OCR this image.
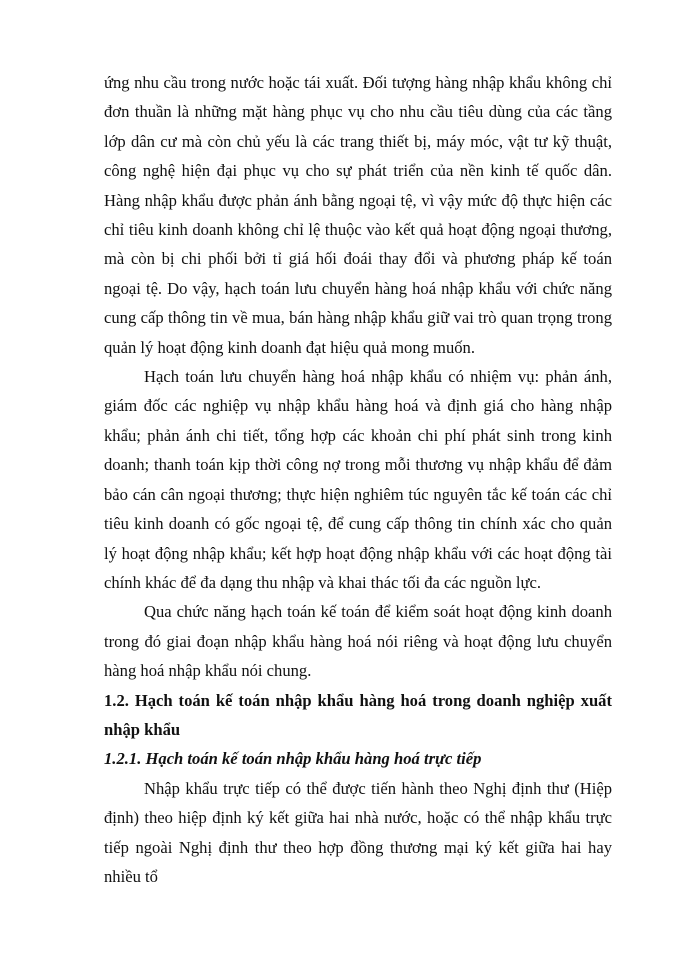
ứng nhu cầu trong nước hoặc tái xuất. Đối tượng hàng nhập khẩu không chỉ đơn thuần là những mặt hàng phục vụ cho nhu cầu tiêu dùng của các tầng lớp dân cư mà còn chủ yếu là các trang thiết bị, máy móc, vật tư kỹ thuật, công nghệ hiện đại phục vụ cho sự phát triển của nền kinh tế quốc dân. Hàng nhập khẩu được phản ánh bằng ngoại tệ, vì vậy mức độ thực hiện các chỉ tiêu kinh doanh không chỉ lệ thuộc vào kết quả hoạt động ngoại thương, mà còn bị chi phối bởi tỉ giá hối đoái thay đổi và phương pháp kế toán ngoại tệ. Do vậy, hạch toán lưu chuyển hàng hoá nhập khẩu với chức năng cung cấp thông tin về mua, bán hàng nhập khẩu giữ vai trò quan trọng trong quản lý hoạt động kinh doanh đạt hiệu quả mong muốn.

Hạch toán lưu chuyển hàng hoá nhập khẩu có nhiệm vụ: phản ánh, giám đốc các nghiệp vụ nhập khẩu hàng hoá và định giá cho hàng nhập khẩu; phản ánh chi tiết, tổng hợp các khoản chi phí phát sinh trong kinh doanh; thanh toán kịp thời công nợ trong mỗi thương vụ nhập khẩu để đảm bảo cán cân ngoại thương; thực hiện nghiêm túc nguyên tắc kế toán các chỉ tiêu kinh doanh có gốc ngoại tệ, để cung cấp thông tin chính xác cho quản lý hoạt động nhập khẩu; kết hợp hoạt động nhập khẩu với các hoạt động tài chính khác để đa dạng thu nhập và khai thác tối đa các nguồn lực.

Qua chức năng hạch toán kế toán để kiểm soát hoạt động kinh doanh trong đó giai đoạn nhập khẩu hàng hoá nói riêng và hoạt động lưu chuyển hàng hoá nhập khẩu nói chung.

1.2. Hạch toán kế toán nhập khẩu hàng hoá trong doanh nghiệp xuất nhập khẩu

1.2.1. Hạch toán kế toán nhập khẩu hàng hoá trực tiếp

Nhập khẩu trực tiếp có thể được tiến hành theo Nghị định thư (Hiệp định) theo hiệp định ký kết giữa hai nhà nước, hoặc có thể nhập khẩu trực tiếp ngoài Nghị định thư theo hợp đồng thương mại ký kết giữa hai hay nhiều tổ
